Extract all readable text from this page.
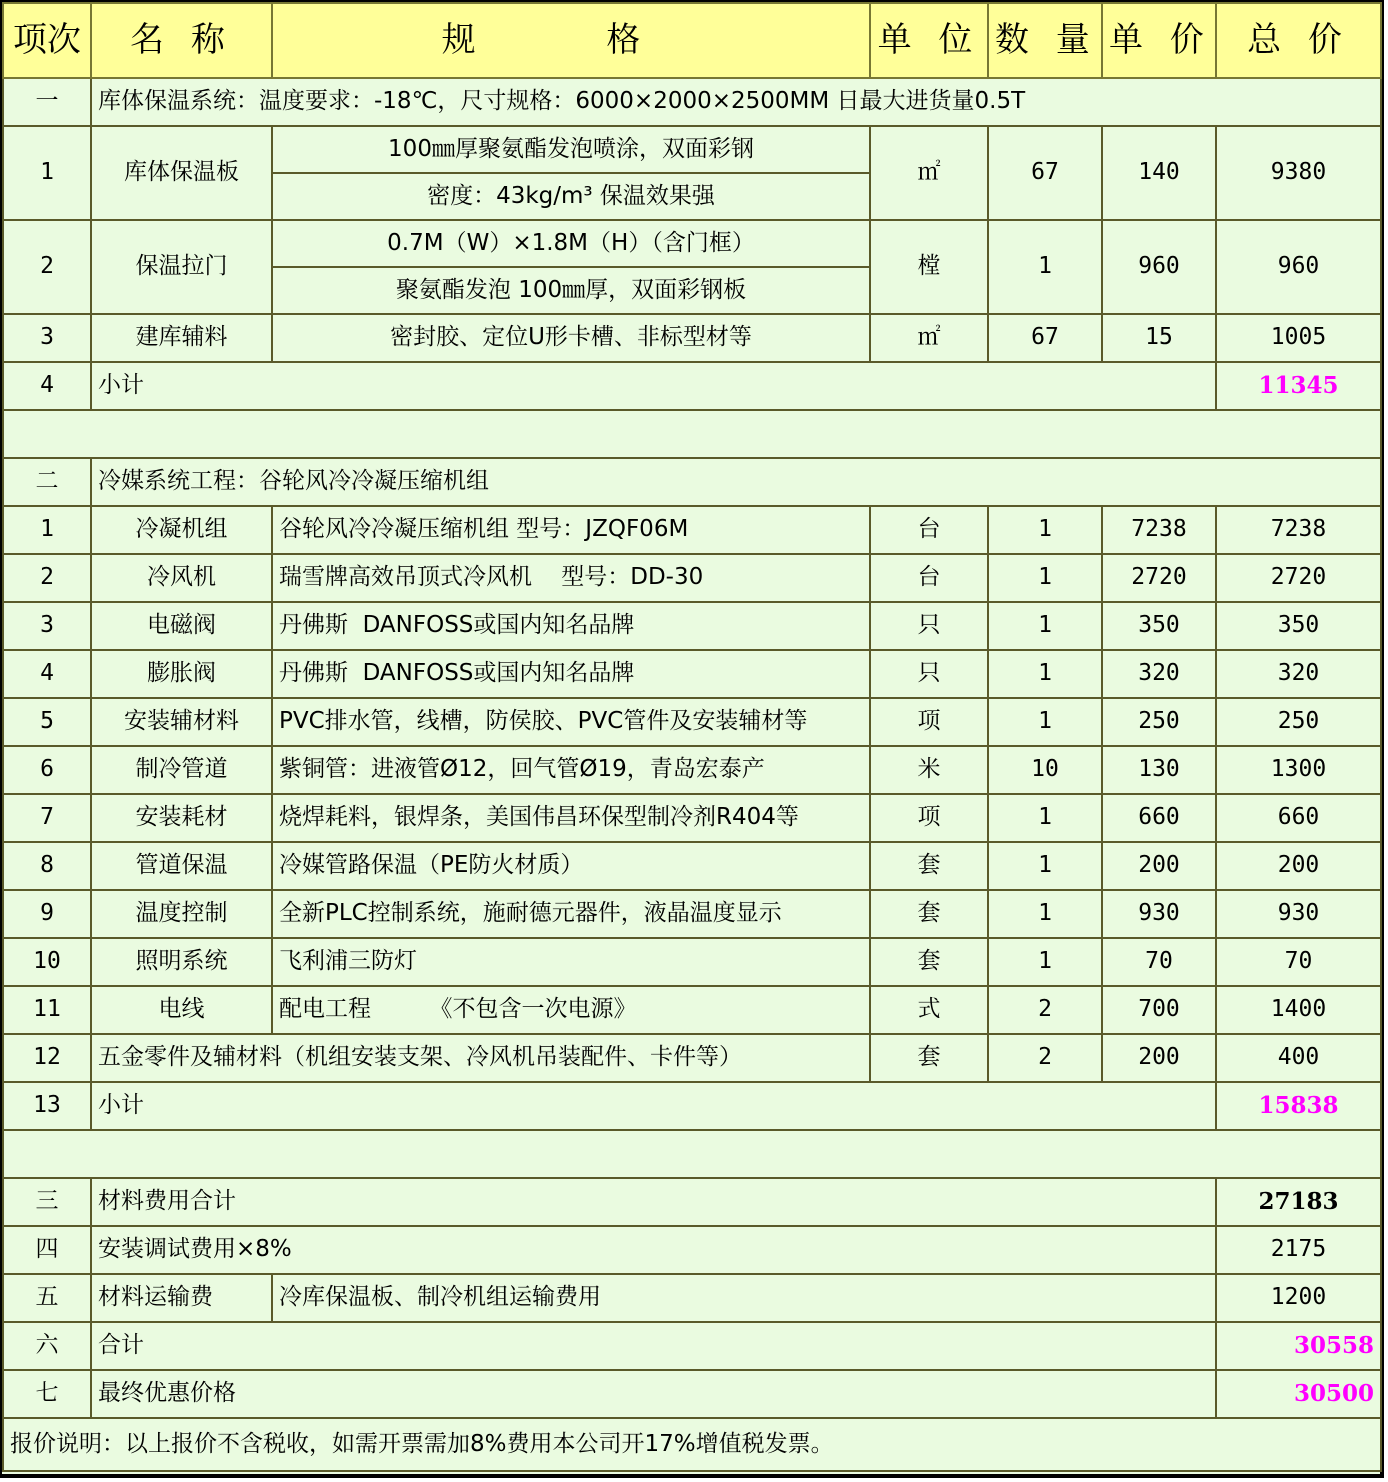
项次	名 称	规 格	单 位	数 量	单 价	总 价
一	库体保温系统：温度要求：-18℃，尺寸规格：6000×2000×2500MM 日最大进货量0.5T					
1	库体保温板	100㎜厚聚氨酯发泡喷涂，双面彩钢	㎡	67	140	9380
		密度：43kg/m³ 保温效果强				
2	保温拉门	0.7M（W）×1.8M（H）（含门框）	樘	1	960	960
		聚氨酯发泡 100㎜厚，双面彩钢板				
3	建库辅料	密封胶、定位U形卡槽、非标型材等	㎡	67	15	1005
4	小计					11345

二	冷媒系统工程：谷轮风冷冷凝压缩机组					
1	冷凝机组	谷轮风冷冷凝压缩机组 型号：JZQF06M	台	1	7238	7238
2	冷风机	瑞雪牌高效吊顶式冷风机    型号：DD-30	台	1	2720	2720
3	电磁阀	丹佛斯  DANFOSS或国内知名品牌	只	1	350	350
4	膨胀阀	丹佛斯  DANFOSS或国内知名品牌	只	1	320	320
5	安装辅材料	PVC排水管，线槽，防侯胶、PVC管件及安装辅材等	项	1	250	250
6	制冷管道	紫铜管：进液管Ø12，回气管Ø19，青岛宏泰产	米	10	130	1300
7	安装耗材	烧焊耗料，银焊条，美国伟昌环保型制冷剂R404等	项	1	660	660
8	管道保温	冷媒管路保温（PE防火材质）	套	1	200	200
9	温度控制	全新PLC控制系统，施耐德元器件，液晶温度显示	套	1	930	930
10	照明系统	飞利浦三防灯	套	1	70	70
11	电线	配电工程        《不包含一次电源》	式	2	700	1400
12	五金零件及辅材料（机组安装支架、冷风机吊装配件、卡件等）		套	2	200	400
13	小计					15838

三	材料费用合计					27183
四	安装调试费用×8%					2175
五	材料运输费	冷库保温板、制冷机组运输费用				1200
六	合计					30558
七	最终优惠价格					30500
报价说明：以上报价不含税收，如需开票需加8%费用本公司开17%增值税发票。						
